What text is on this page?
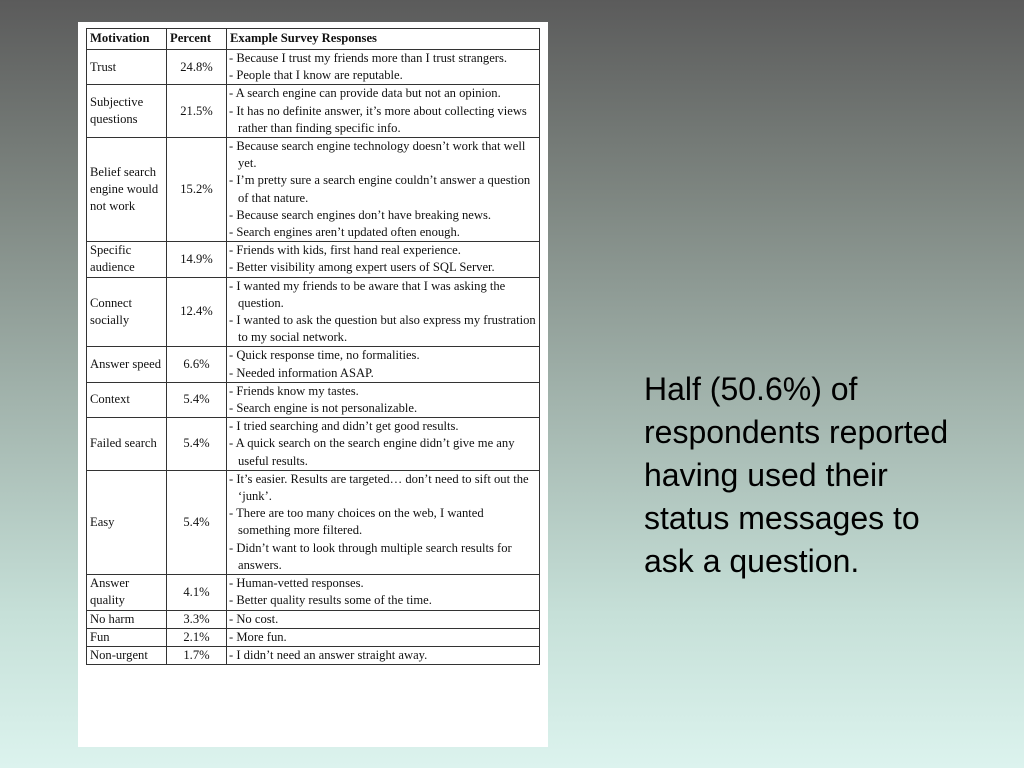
Motivation	Percent	Example Survey Responses
Trust	24.8%	- Because I trust my friends more than I trust strangers.
- People that I know are reputable.

Subjective questions	21.5%	- A search engine can provide data but not an opinion.
- It has no definite answer, it’s more about collecting views rather than finding specific info.

Belief search engine would not work	15.2%	- Because search engine technology doesn’t work that well yet.
- I’m pretty sure a search engine couldn’t answer a question of that nature.
- Because search engines don’t have breaking news.
- Search engines aren’t updated often enough.

Specific audience	14.9%	- Friends with kids, first hand real experience.
- Better visibility among expert users of SQL Server.

Connect socially	12.4%	- I wanted my friends to be aware that I was asking the question.
- I wanted to ask the question but also express my frustration to my social network.

Answer speed	6.6%	- Quick response time, no formalities.
- Needed information ASAP.

Context	5.4%	- Friends know my tastes.
- Search engine is not personalizable.

Failed search	5.4%	- I tried searching and didn’t get good results.
- A quick search on the search engine didn’t give me any useful results.

Easy	5.4%	- It’s easier. Results are targeted… don’t need to sift out the ‘junk’.
- There are too many choices on the web, I wanted something more filtered.
- Didn’t want to look through multiple search results for answers.

Answer quality	4.1%	- Human-vetted responses.
- Better quality results some of the time.

No harm	3.3%	- No cost.

Fun	2.1%	- More fun.

Non-urgent	1.7%	- I didn’t need an answer straight away.
Half (50.6%) of respondents reported having used their status messages to ask a question.
